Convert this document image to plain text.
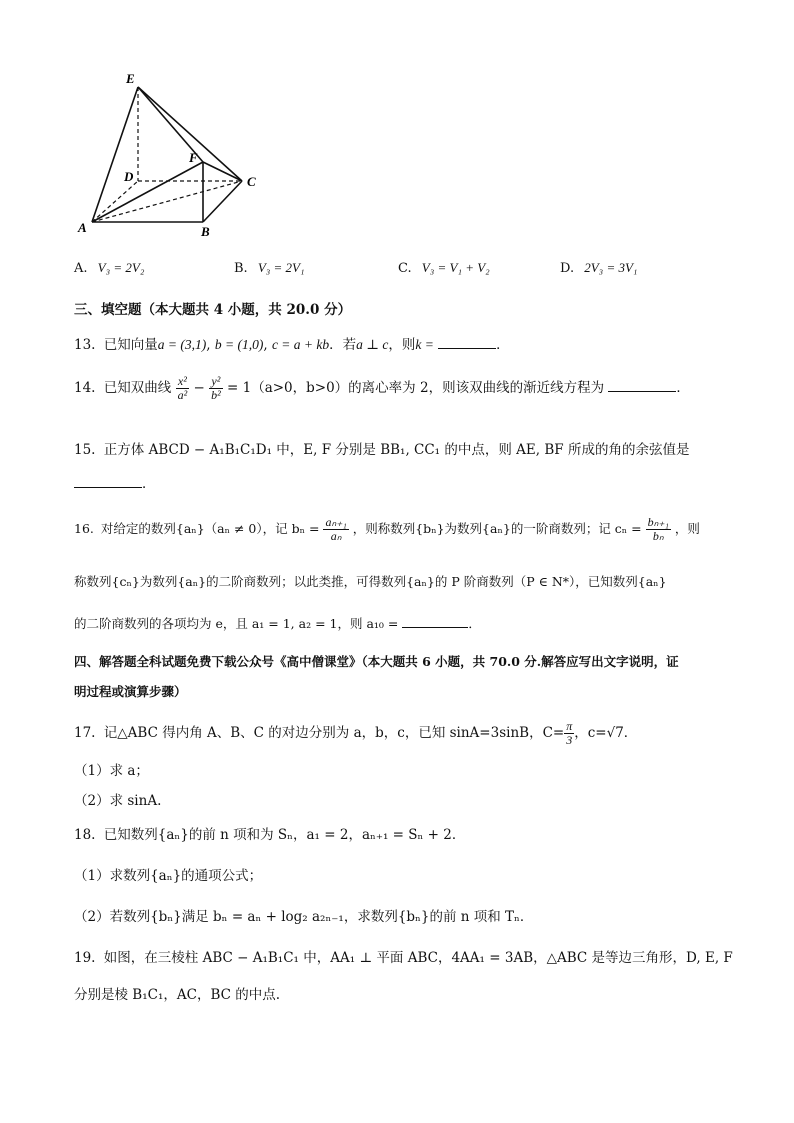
E
F
D	C
A	B
A. V₃ = 2V₂	B. V₃ = 2V₁	C. V₃ = V₁ + V₂	D. 2V₃ = 3V₁
三、填空题（本大题共 4 小题，共 20.0 分）
13. 已知向量a = (3,1), b = (1,0), c = a + kb．若a ⊥ c，则k =	．
14. 已知双曲线 $\frac{\text{x²}}{\text{a²}} - \frac{\text{y²}}{\text{b²}} = 1(a>0$，b>0）的离心率为 2，则该双曲线的渐近线方程为	．
15. 正方体 ABCD − A₁B₁C₁D₁ 中，E, F 分别是 BB₁, CC₁ 的中点，则 AE, BF 所成的角的余弦值是
．
16. 对给定的数列{aₙ}（aₙ ≠ 0），记 $b_n = \frac{\text{aₙ₊₁}}{\text{aₙ}}$ ，则称数列{bₙ}为数列{aₙ}的一阶商数列；记 $c_n = \frac{\text{bₙ₊₁}}{\text{bₙ}}$ ，则
称数列{cₙ}为数列{aₙ}的二阶商数列；以此类推，可得数列{aₙ}的 P 阶商数列（P ∈ N*），已知数列{aₙ}
的二阶商数列的各项均为 e，且 a₁ = 1, a₂ = 1，则 a₁₀ =	．
四、解答题全科试题免费下载公众号《高中僧课堂》（本大题共 6 小题，共 70.0 分.解答应写出文字说明，证
明过程或演算步骤）
17. 记△ABC 得内角 A、B、C 的对边分别为 a，b，c，已知 sinA=3sinB，$C= \frac{\pi}{3}$ ，c=√7．
（1）求 a；
（2）求 sinA.
18. 已知数列{aₙ}的前 n 项和为 Sₙ，a₁ = 2，aₙ₊₁ = Sₙ + 2．
（1）求数列{aₙ}的通项公式；
（2）若数列{bₙ}满足 bₙ = aₙ + log₂ a₂ₙ₋₁，求数列{bₙ}的前 n 项和 Tₙ．
19. 如图，在三棱柱 ABC − A₁B₁C₁ 中，AA₁ ⊥ 平面 ABC，4AA₁ = 3AB，△ABC 是等边三角形，D, E, F
分别是棱 B₁C₁，AC，BC 的中点.
